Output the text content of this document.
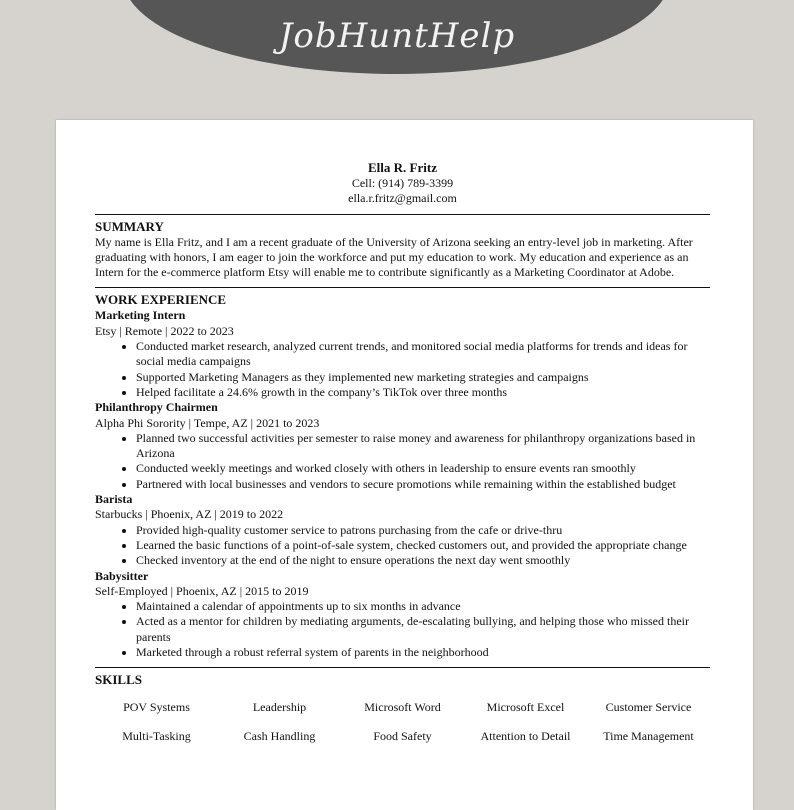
JobHuntHelp
Ella R. Fritz
Cell: (914) 789-3399
ella.r.fritz@gmail.com
SUMMARY

My name is Ella Fritz, and I am a recent graduate of the University of Arizona seeking an entry-level job in marketing. After graduating with honors, I am eager to join the workforce and put my education to work. My education and experience as an Intern for the e-commerce platform Etsy will enable me to contribute significantly as a Marketing Coordinator at Adobe.

WORK EXPERIENCE
Marketing Intern
Etsy | Remote | 2022 to 2023
• Conducted market research, analyzed current trends, and monitored social media platforms for trends and ideas for social media campaigns
• Supported Marketing Managers as they implemented new marketing strategies and campaigns
• Helped facilitate a 24.6% growth in the company’s TikTok over three months
Philanthropy Chairmen
Alpha Phi Sorority | Tempe, AZ | 2021 to 2023
• Planned two successful activities per semester to raise money and awareness for philanthropy organizations based in Arizona
• Conducted weekly meetings and worked closely with others in leadership to ensure events ran smoothly
• Partnered with local businesses and vendors to secure promotions while remaining within the established budget
Barista
Starbucks | Phoenix, AZ | 2019 to 2022
• Provided high-quality customer service to patrons purchasing from the cafe or drive-thru
• Learned the basic functions of a point-of-sale system, checked customers out, and provided the appropriate change
• Checked inventory at the end of the night to ensure operations the next day went smoothly
Babysitter
Self-Employed | Phoenix, AZ | 2015 to 2019
• Maintained a calendar of appointments up to six months in advance
• Acted as a mentor for children by mediating arguments, de-escalating bullying, and helping those who missed their parents
• Marketed through a robust referral system of parents in the neighborhood
SKILLS
POV Systems	Leadership	Microsoft Word	Microsoft Excel	Customer Service
Multi-Tasking	Cash Handling	Food Safety	Attention to Detail	Time Management
